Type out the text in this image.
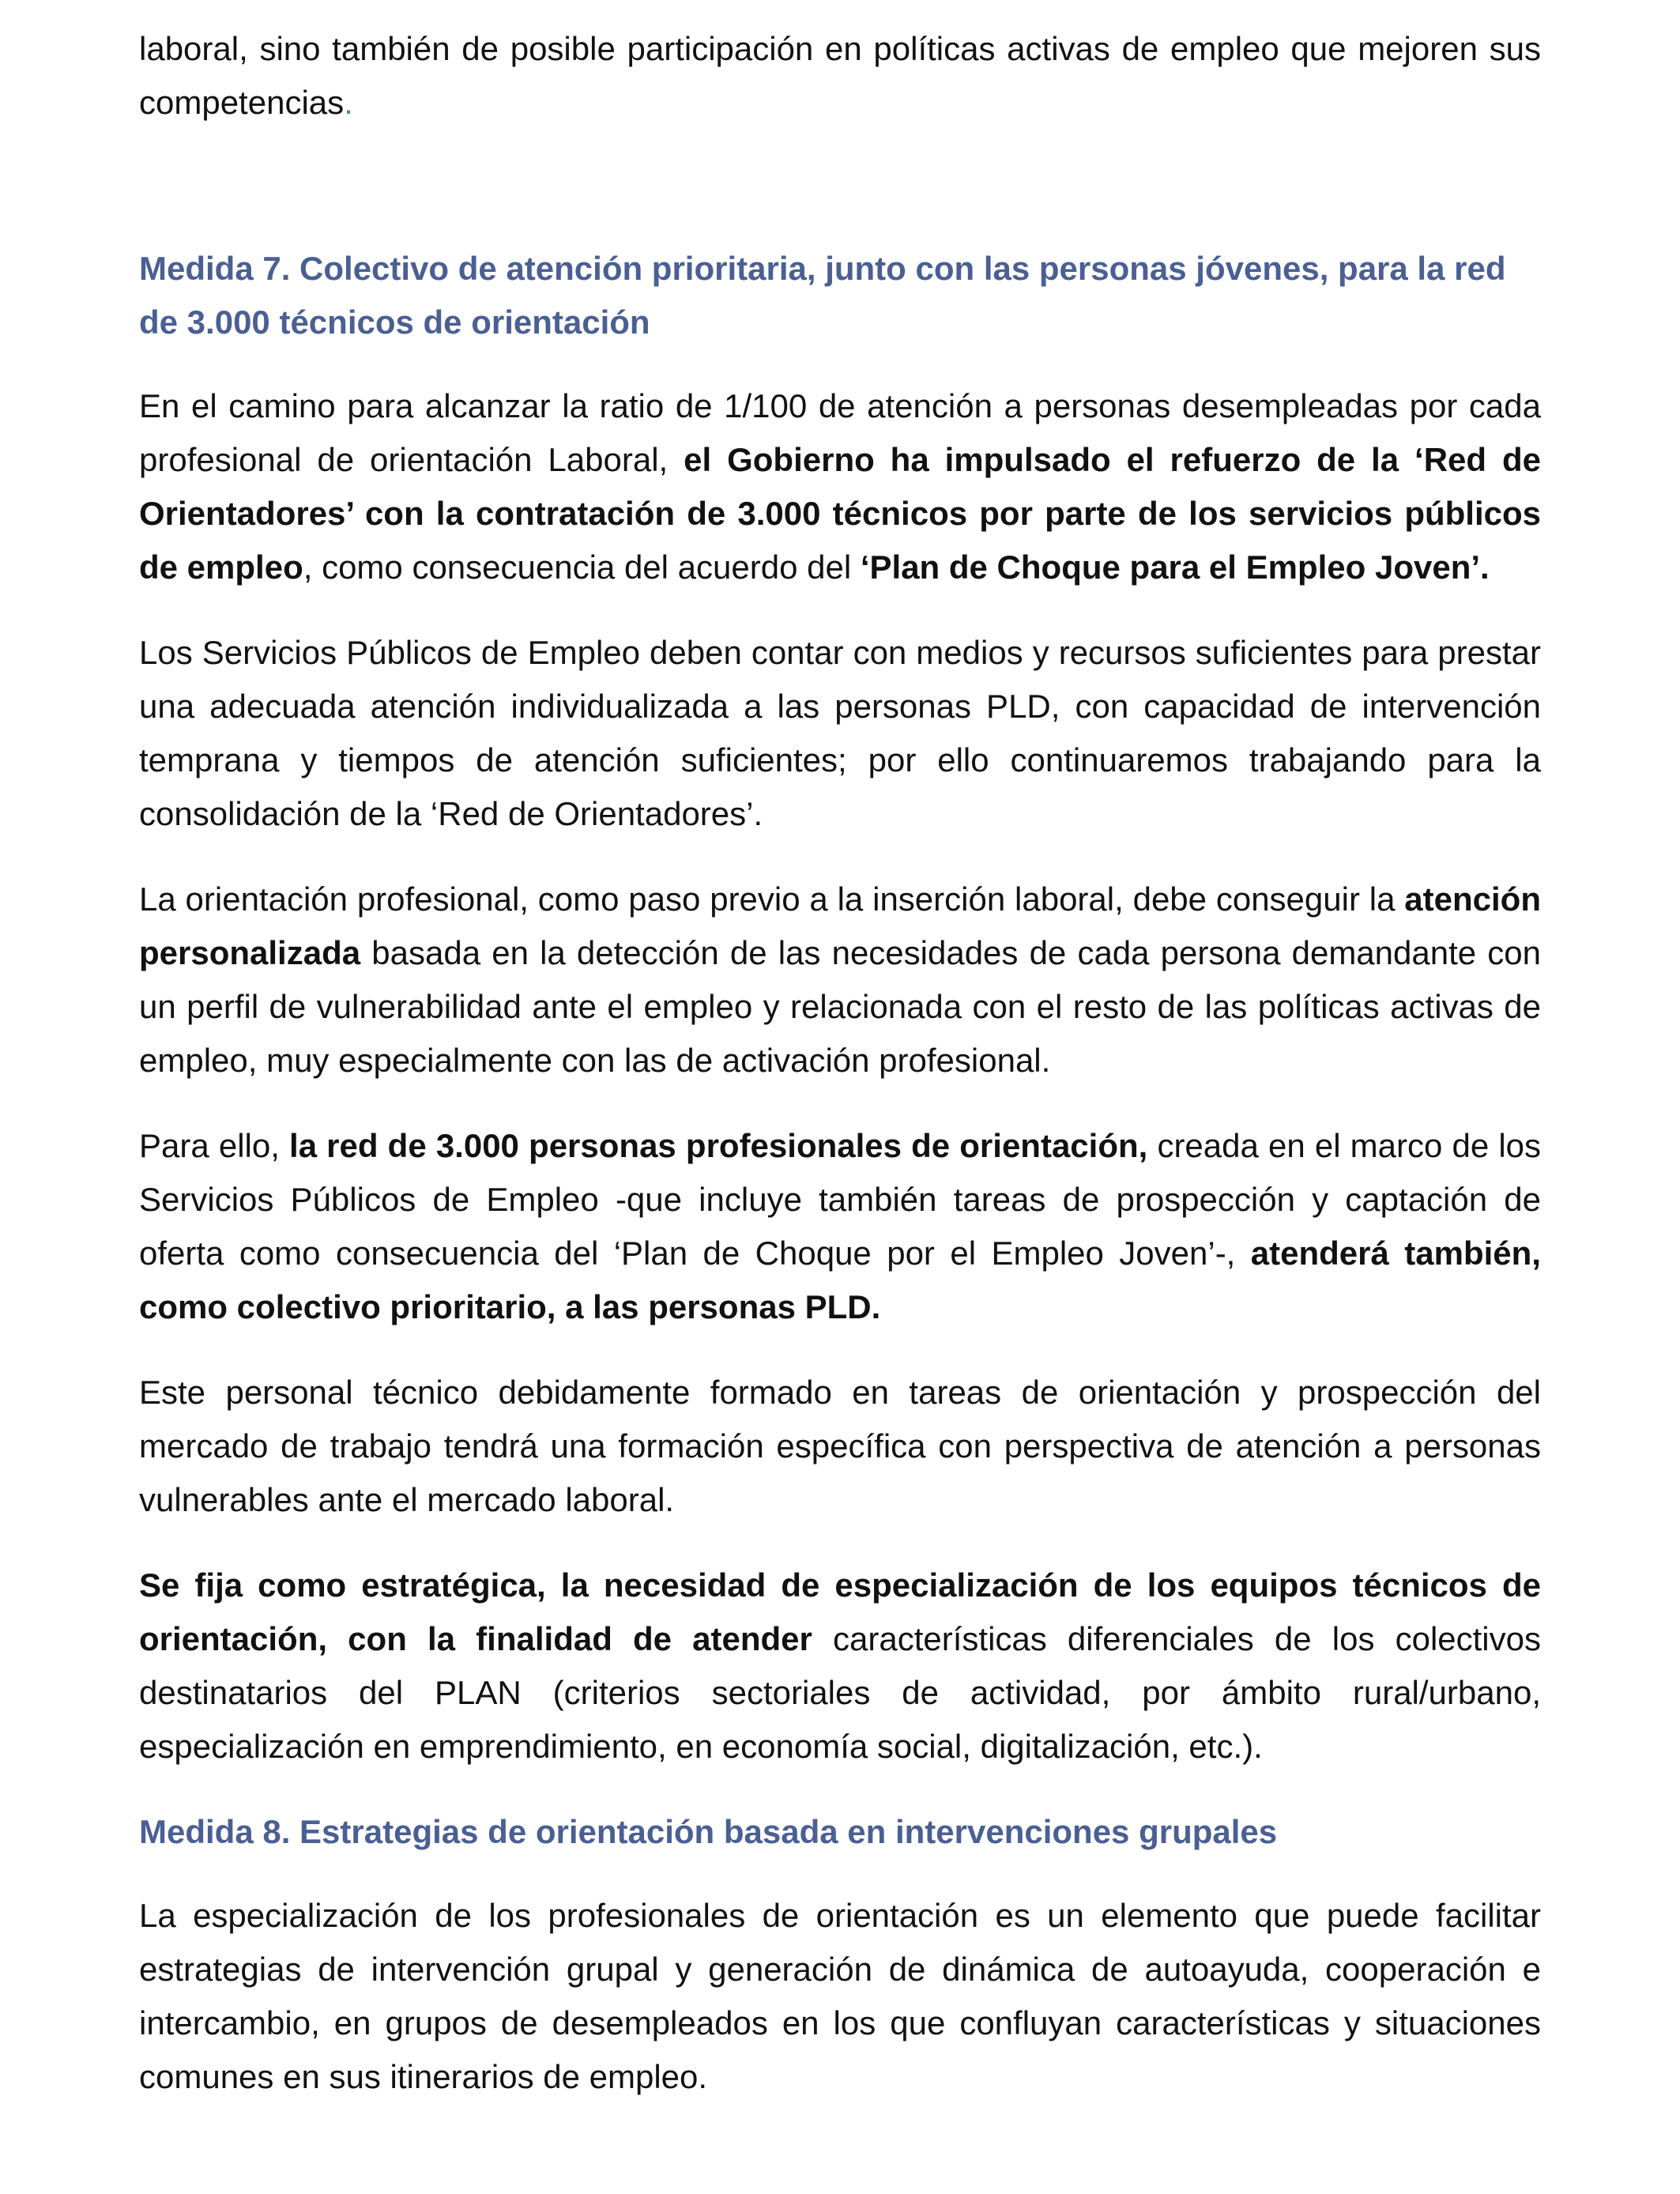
laboral, sino también de posible participación en políticas activas de empleo que mejoren sus competencias.

Medida 7. Colectivo de atención prioritaria, junto con las personas jóvenes, para la red de 3.000 técnicos de orientación

En el camino para alcanzar la ratio de 1/100 de atención a personas desempleadas por cada profesional de orientación Laboral, el Gobierno ha impulsado el refuerzo de la ‘Red de Orientadores’ con la contratación de 3.000 técnicos por parte de los servicios públicos de empleo, como consecuencia del acuerdo del ‘Plan de Choque para el Empleo Joven’.

Los Servicios Públicos de Empleo deben contar con medios y recursos suficientes para prestar una adecuada atención individualizada a las personas PLD, con capacidad de intervención temprana y tiempos de atención suficientes; por ello continuaremos trabajando para la consolidación de la ‘Red de Orientadores’.

La orientación profesional, como paso previo a la inserción laboral, debe conseguir la atención personalizada basada en la detección de las necesidades de cada persona demandante con un perfil de vulnerabilidad ante el empleo y relacionada con el resto de las políticas activas de empleo, muy especialmente con las de activación profesional.

Para ello, la red de 3.000 personas profesionales de orientación, creada en el marco de los Servicios Públicos de Empleo -que incluye también tareas de prospección y captación de oferta como consecuencia del ‘Plan de Choque por el Empleo Joven’-, atenderá también, como colectivo prioritario, a las personas PLD.

Este personal técnico debidamente formado en tareas de orientación y prospección del mercado de trabajo tendrá una formación específica con perspectiva de atención a personas vulnerables ante el mercado laboral.

Se fija como estratégica, la necesidad de especialización de los equipos técnicos de orientación, con la finalidad de atender características diferenciales de los colectivos destinatarios del PLAN (criterios sectoriales de actividad, por ámbito rural/urbano, especialización en emprendimiento, en economía social, digitalización, etc.).

Medida 8. Estrategias de orientación basada en intervenciones grupales

La especialización de los profesionales de orientación es un elemento que puede facilitar estrategias de intervención grupal y generación de dinámica de autoayuda, cooperación e intercambio, en grupos de desempleados en los que confluyan características y situaciones comunes en sus itinerarios de empleo.
